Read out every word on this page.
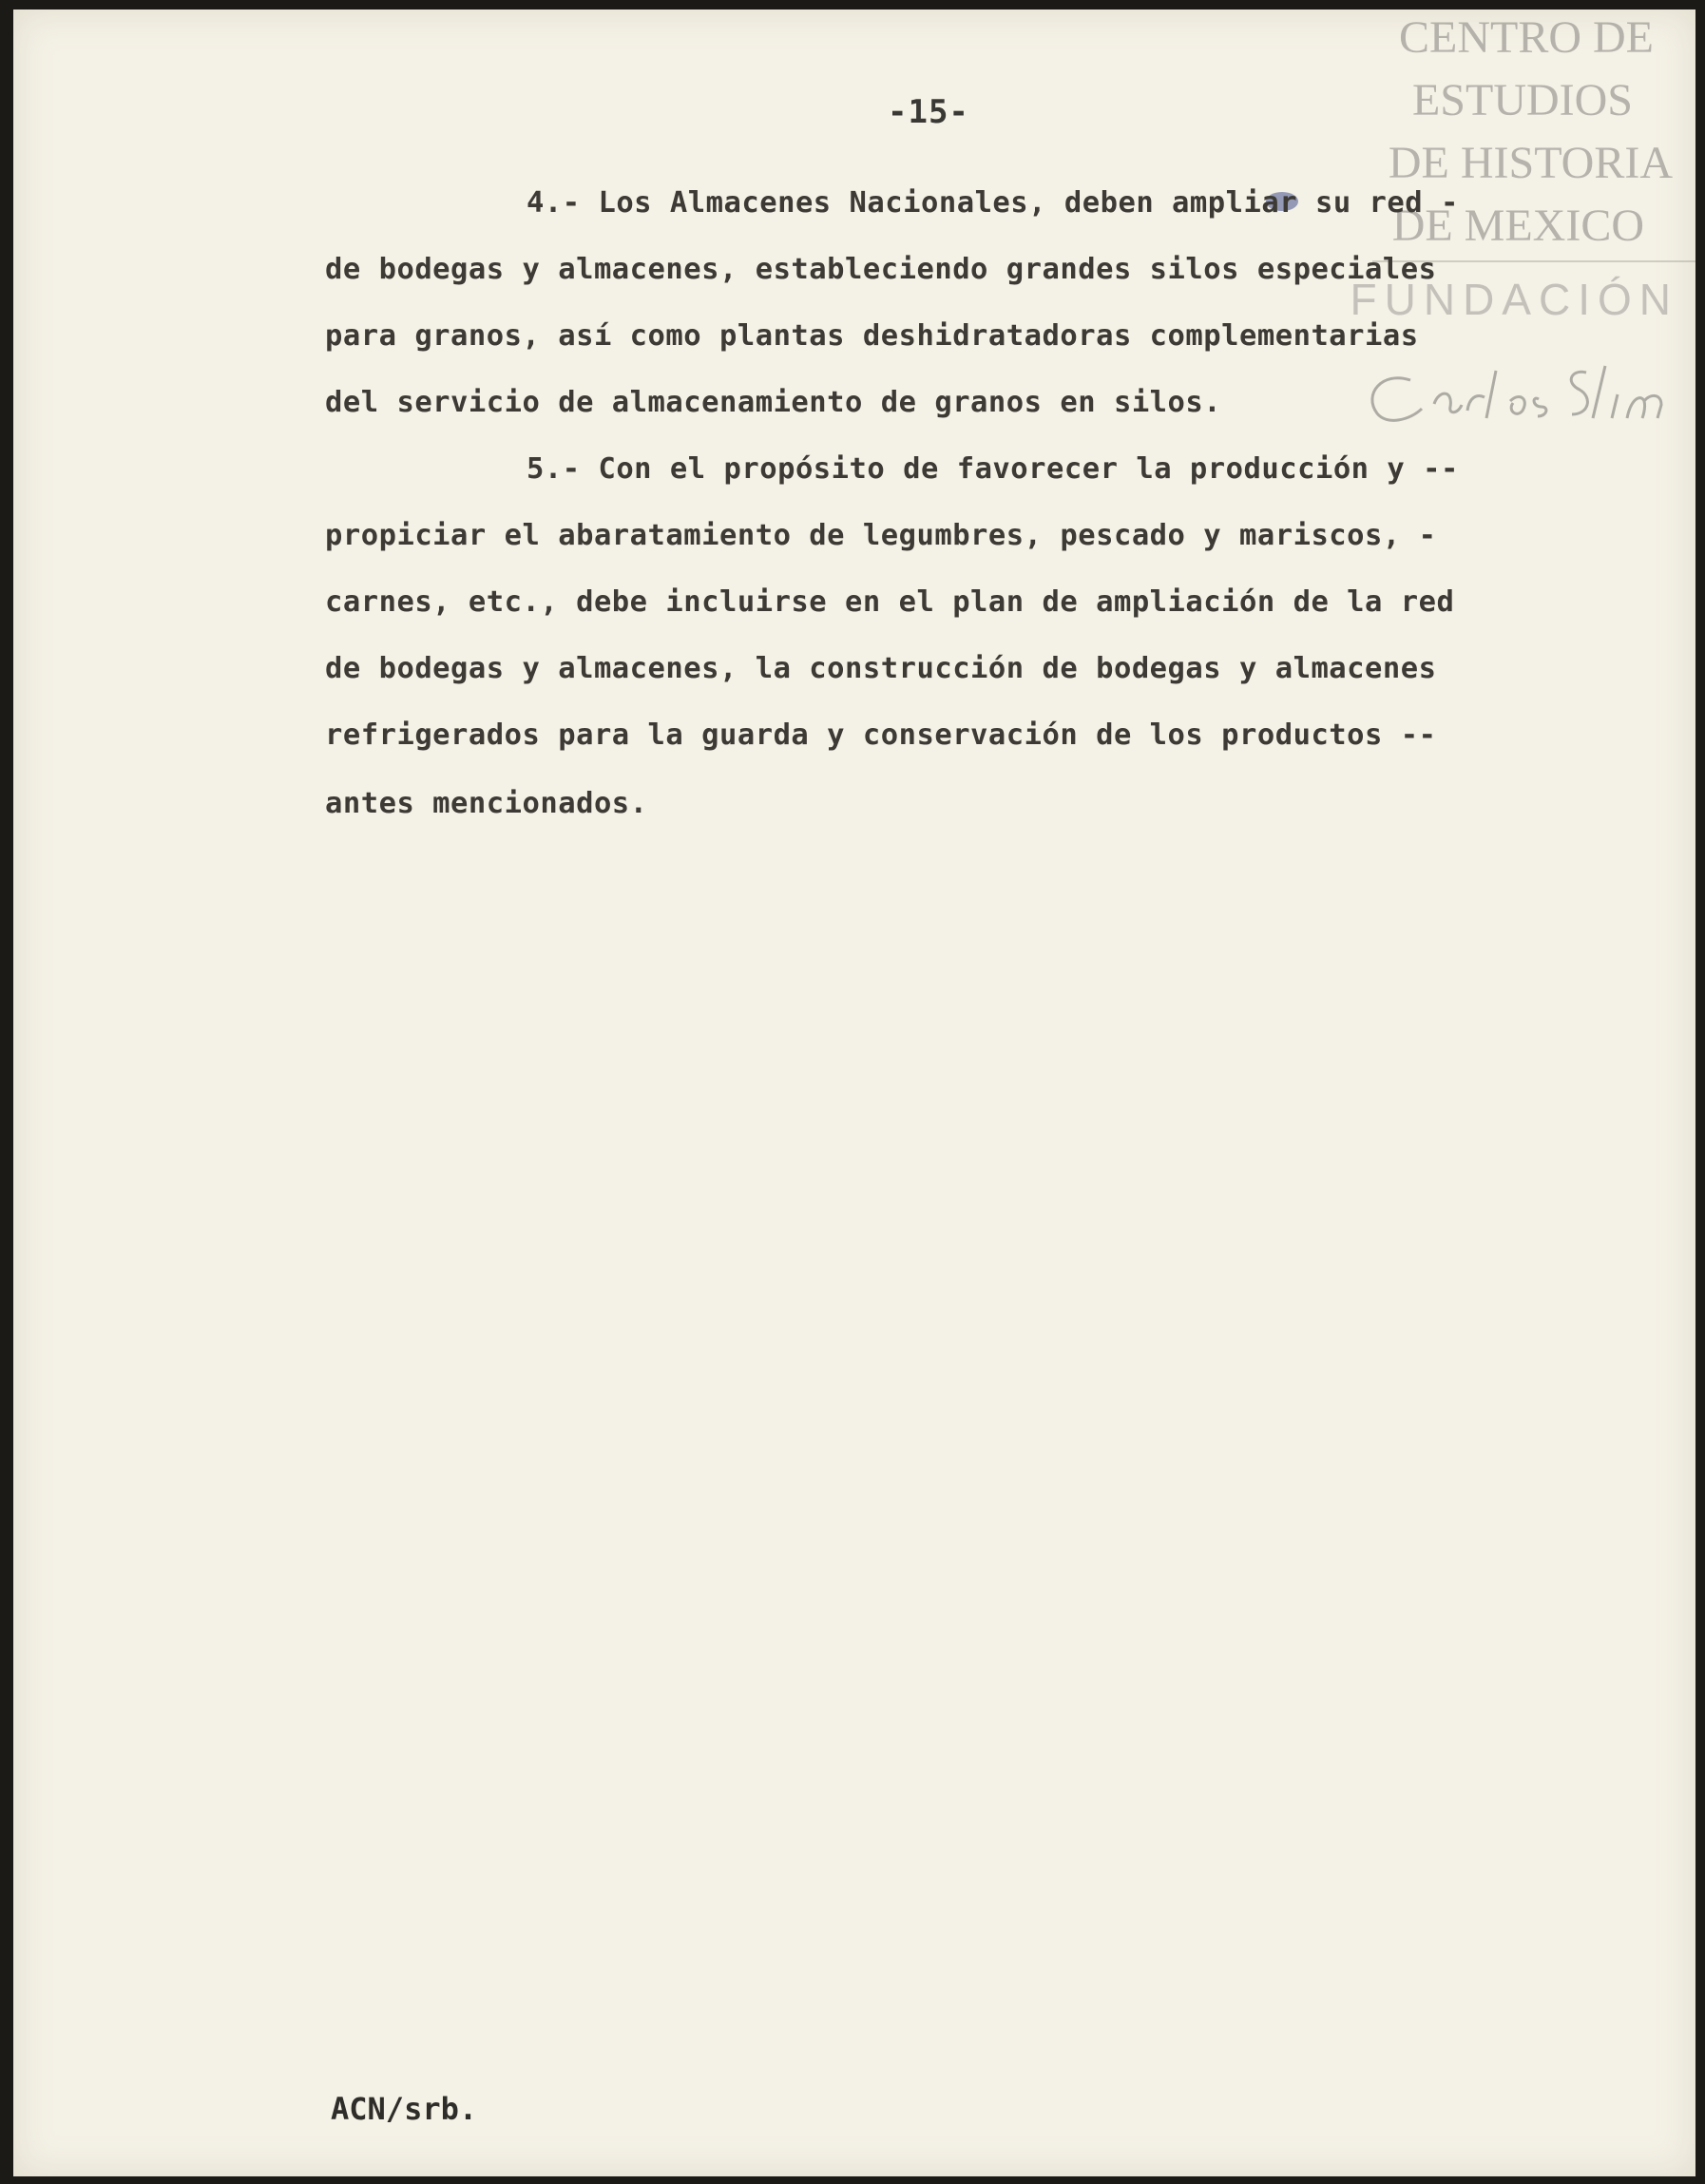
CENTRO DE
ESTUDIOS
DE HISTORIA
DE MEXICO
FUNDACIÓN
-15-
4.- Los Almacenes Nacionales, deben ampliar su red -
de bodegas y almacenes, estableciendo grandes silos especiales
para granos, así como plantas deshidratadoras complementarias
del servicio de almacenamiento de granos en silos.
5.- Con el propósito de favorecer la producción y --
propiciar el abaratamiento de legumbres, pescado y mariscos, -
carnes, etc., debe incluirse en el plan de ampliación de la red
de bodegas y almacenes, la construcción de bodegas y almacenes
refrigerados para la guarda y conservación de los productos --
antes mencionados.
ACN/srb.
